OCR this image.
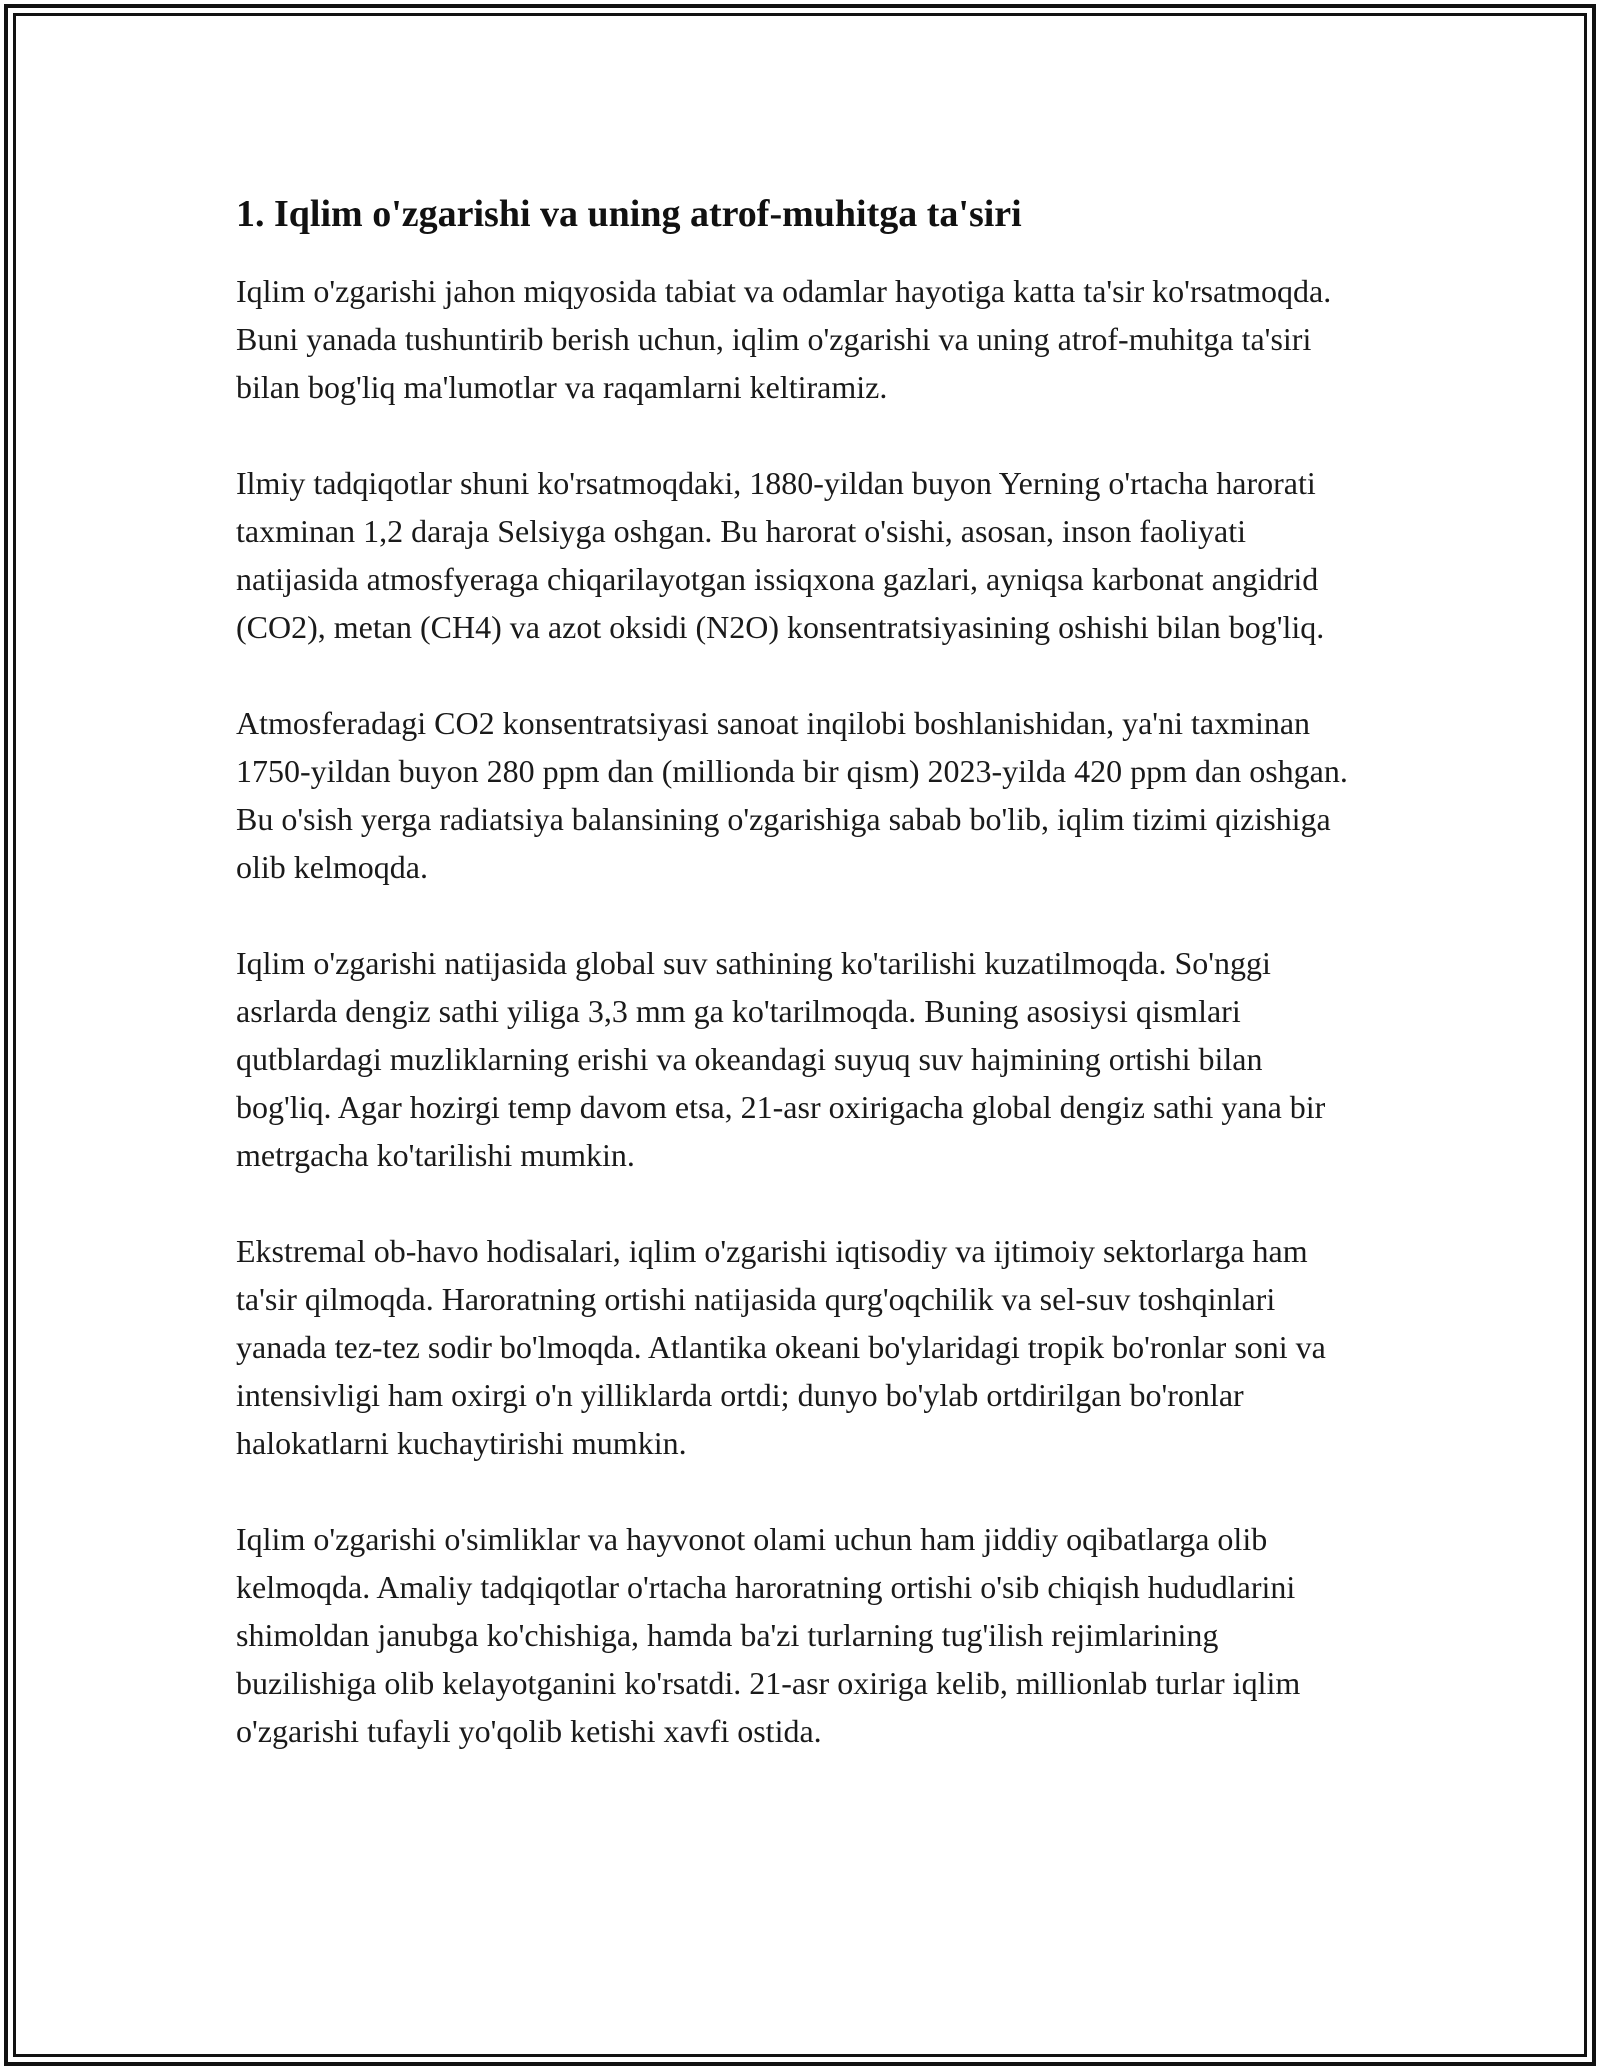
1. Iqlim o'zgarishi va uning atrof-muhitga ta'siri

Iqlim o'zgarishi jahon miqyosida tabiat va odamlar hayotiga katta ta'sir ko'rsatmoqda. Buni yanada tushuntirib berish uchun, iqlim o'zgarishi va uning atrof-muhitga ta'siri bilan bog'liq ma'lumotlar va raqamlarni keltiramiz.

Ilmiy tadqiqotlar shuni ko'rsatmoqdaki, 1880-yildan buyon Yerning o'rtacha harorati taxminan 1,2 daraja Selsiyga oshgan. Bu harorat o'sishi, asosan, inson faoliyati natijasida atmosfyeraga chiqarilayotgan issiqxona gazlari, ayniqsa karbonat angidrid (CO2), metan (CH4) va azot oksidi (N2O) konsentratsiyasining oshishi bilan bog'liq.

Atmosferadagi CO2 konsentratsiyasi sanoat inqilobi boshlanishidan, ya'ni taxminan 1750-yildan buyon 280 ppm dan (millionda bir qism) 2023-yilda 420 ppm dan oshgan. Bu o'sish yerga radiatsiya balansining o'zgarishiga sabab bo'lib, iqlim tizimi qizishiga olib kelmoqda.

Iqlim o'zgarishi natijasida global suv sathining ko'tarilishi kuzatilmoqda. So'nggi asrlarda dengiz sathi yiliga 3,3 mm ga ko'tarilmoqda. Buning asosiysi qismlari qutblardagi muzliklarning erishi va okeandagi suyuq suv hajmining ortishi bilan bog'liq. Agar hozirgi temp davom etsa, 21-asr oxirigacha global dengiz sathi yana bir metrgacha ko'tarilishi mumkin.

Ekstremal ob-havo hodisalari, iqlim o'zgarishi iqtisodiy va ijtimoiy sektorlarga ham ta'sir qilmoqda. Haroratning ortishi natijasida qurg'oqchilik va sel-suv toshqinlari yanada tez-tez sodir bo'lmoqda. Atlantika okeani bo'ylaridagi tropik bo'ronlar soni va intensivligi ham oxirgi o'n yilliklarda ortdi; dunyo bo'ylab ortdirilgan bo'ronlar halokatlarni kuchaytirishi mumkin.

Iqlim o'zgarishi o'simliklar va hayvonot olami uchun ham jiddiy oqibatlarga olib kelmoqda. Amaliy tadqiqotlar o'rtacha haroratning ortishi o'sib chiqish hududlarini shimoldan janubga ko'chishiga, hamda ba'zi turlarning tug'ilish rejimlarining buzilishiga olib kelayotganini ko'rsatdi. 21-asr oxiriga kelib, millionlab turlar iqlim o'zgarishi tufayli yo'qolib ketishi xavfi ostida.
